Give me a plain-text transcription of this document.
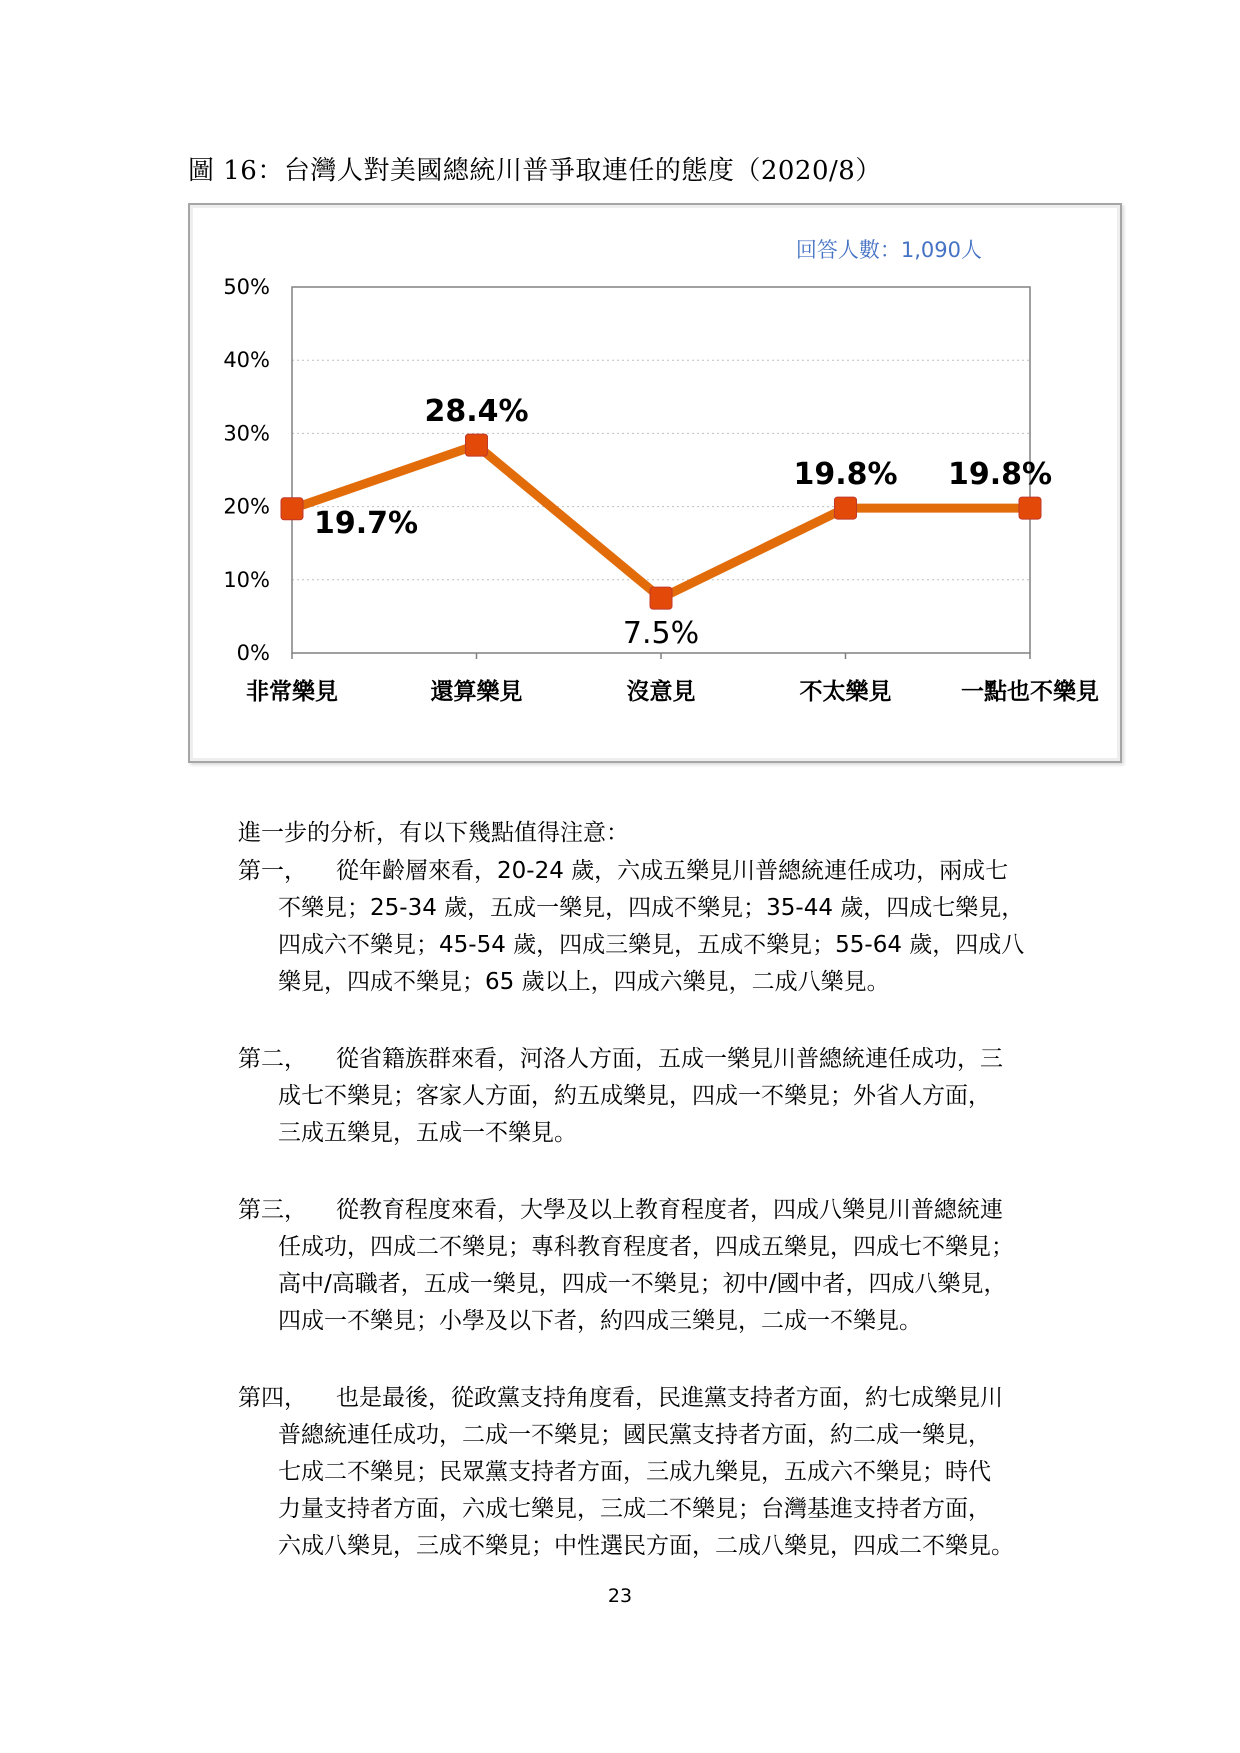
圖 16：台灣人對美國總統川普爭取連任的態度（2020/8）
回答人數：1,090人
0%
10%
20%
30%
40%
50%
19.7%
28.4%
7.5%
19.8% 19.8%
非常樂見	還算樂見	沒意見	不太樂見	一點也不樂見
進一步的分析，有以下幾點值得注意：
第一， 從年齡層來看，20-24 歲，六成五樂見川普總統連任成功，兩成七
不樂見；25-34 歲，五成一樂見，四成不樂見；35-44 歲，四成七樂見，
四成六不樂見；45-54 歲，四成三樂見，五成不樂見；55-64 歲，四成八
樂見，四成不樂見；65 歲以上，四成六樂見，二成八樂見。
第二， 從省籍族群來看，河洛人方面，五成一樂見川普總統連任成功，三
成七不樂見；客家人方面，約五成樂見，四成一不樂見；外省人方面，
三成五樂見，五成一不樂見。
第三， 從教育程度來看，大學及以上教育程度者，四成八樂見川普總統連
任成功，四成二不樂見；專科教育程度者，四成五樂見，四成七不樂見；
高中/高職者，五成一樂見，四成一不樂見；初中/國中者，四成八樂見，
四成一不樂見；小學及以下者，約四成三樂見，二成一不樂見。
第四， 也是最後，從政黨支持角度看，民進黨支持者方面，約七成樂見川
普總統連任成功，二成一不樂見；國民黨支持者方面，約二成一樂見，
七成二不樂見；民眾黨支持者方面，三成九樂見，五成六不樂見；時代
力量支持者方面，六成七樂見，三成二不樂見；台灣基進支持者方面，
六成八樂見，三成不樂見；中性選民方面，二成八樂見，四成二不樂見。
23
